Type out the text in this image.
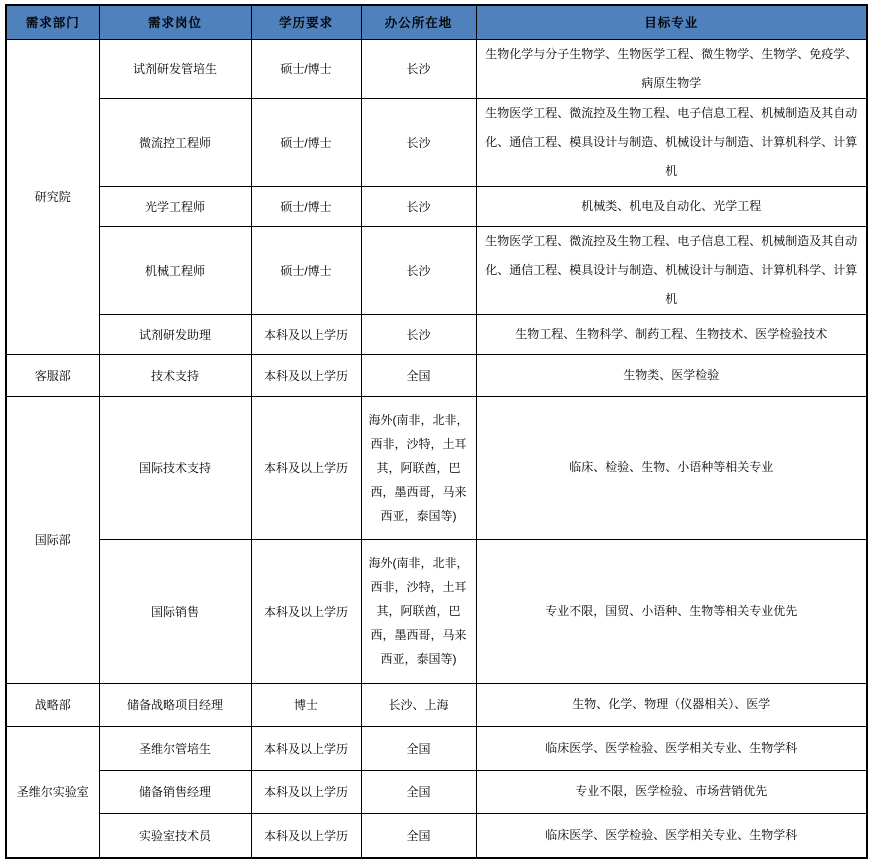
需求部门	需求岗位	学历要求	办公所在地	目标专业
研究院	试剂研发管培生	硕士/博士	长沙	生物化学与分子生物学、生物医学工程、微生物学、生物学、免疫学、病原生物学
	微流控工程师	硕士/博士	长沙	生物医学工程、微流控及生物工程、电子信息工程、机械制造及其自动化、通信工程、模具设计与制造、机械设计与制造、计算机科学、计算机
	光学工程师	硕士/博士	长沙	机械类、机电及自动化、光学工程
	机械工程师	硕士/博士	长沙	生物医学工程、微流控及生物工程、电子信息工程、机械制造及其自动化、通信工程、模具设计与制造、机械设计与制造、计算机科学、计算机
	试剂研发助理	本科及以上学历	长沙	生物工程、生物科学、制药工程、生物技术、医学检验技术
客服部	技术支持	本科及以上学历	全国	生物类、医学检验
国际部	国际技术支持	本科及以上学历	海外(南非，北非，西非，沙特，土耳其，阿联酋，巴西，墨西哥，马来西亚，泰国等)	临床、检验、生物、小语种等相关专业
	国际销售	本科及以上学历	海外(南非，北非，西非，沙特，土耳其，阿联酋，巴西，墨西哥，马来西亚，泰国等)	专业不限，国贸、小语种、生物等相关专业优先
战略部	储备战略项目经理	博士	长沙、上海	生物、化学、物理（仪器相关）、医学
圣维尔实验室	圣维尔管培生	本科及以上学历	全国	临床医学、医学检验、医学相关专业、生物学科
	储备销售经理	本科及以上学历	全国	专业不限，医学检验、市场营销优先
	实验室技术员	本科及以上学历	全国	临床医学、医学检验、医学相关专业、生物学科
